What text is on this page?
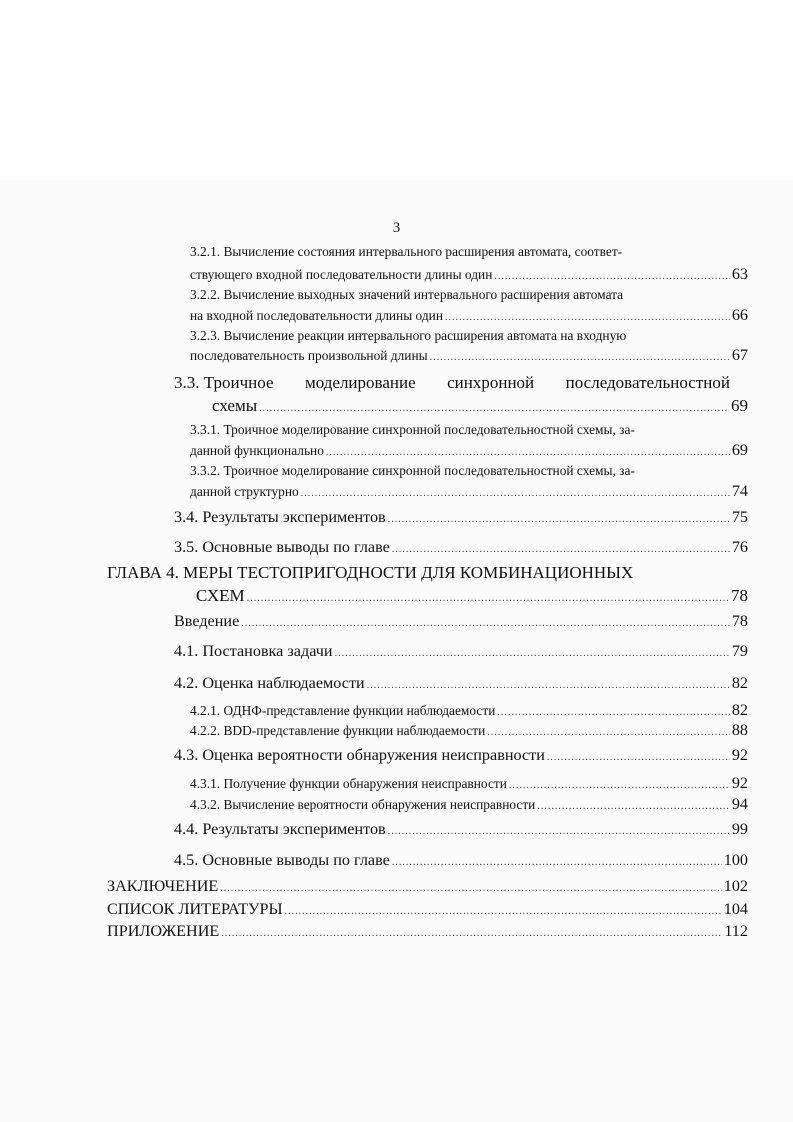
3
3.2.1. Вычисление состояния интервального расширения автомата, соответ-
ствующего входной последовательности длины один .....	63
3.2.2. Вычисление выходных значений интервального расширения автомата
на входной последовательности длины один .....	66
3.2.3. Вычисление реакции интервального расширения автомата на входную
последовательность произвольной длины .....	67
3.3. Троичное моделирование синхронной последовательностной
схемы .....	69
3.3.1. Троичное моделирование синхронной последовательностной схемы, за-
данной функционально .....	69
3.3.2. Троичное моделирование синхронной последовательностной схемы, за-
данной структурно .....	74
3.4. Результаты экспериментов .....	75
3.5. Основные выводы по главе .....	76
ГЛАВА 4. МЕРЫ ТЕСТОПРИГОДНОСТИ ДЛЯ КОМБИНАЦИОННЫХ
СХЕМ .....	78
Введение .....	78
4.1. Постановка задачи .....	79
4.2. Оценка наблюдаемости .....	82
4.2.1. ОДНФ-представление функции наблюдаемости .....	82
4.2.2. BDD-представление функции наблюдаемости .....	88
4.3. Оценка вероятности обнаружения неисправности .....	92
4.3.1. Получение функции обнаружения неисправности .....	92
4.3.2. Вычисление вероятности обнаружения неисправности .....	94
4.4. Результаты экспериментов .....	99
4.5. Основные выводы по главе .....	100
ЗАКЛЮЧЕНИЕ .....	102
СПИСОК ЛИТЕРАТУРЫ .....	104
ПРИЛОЖЕНИЕ .....	112
